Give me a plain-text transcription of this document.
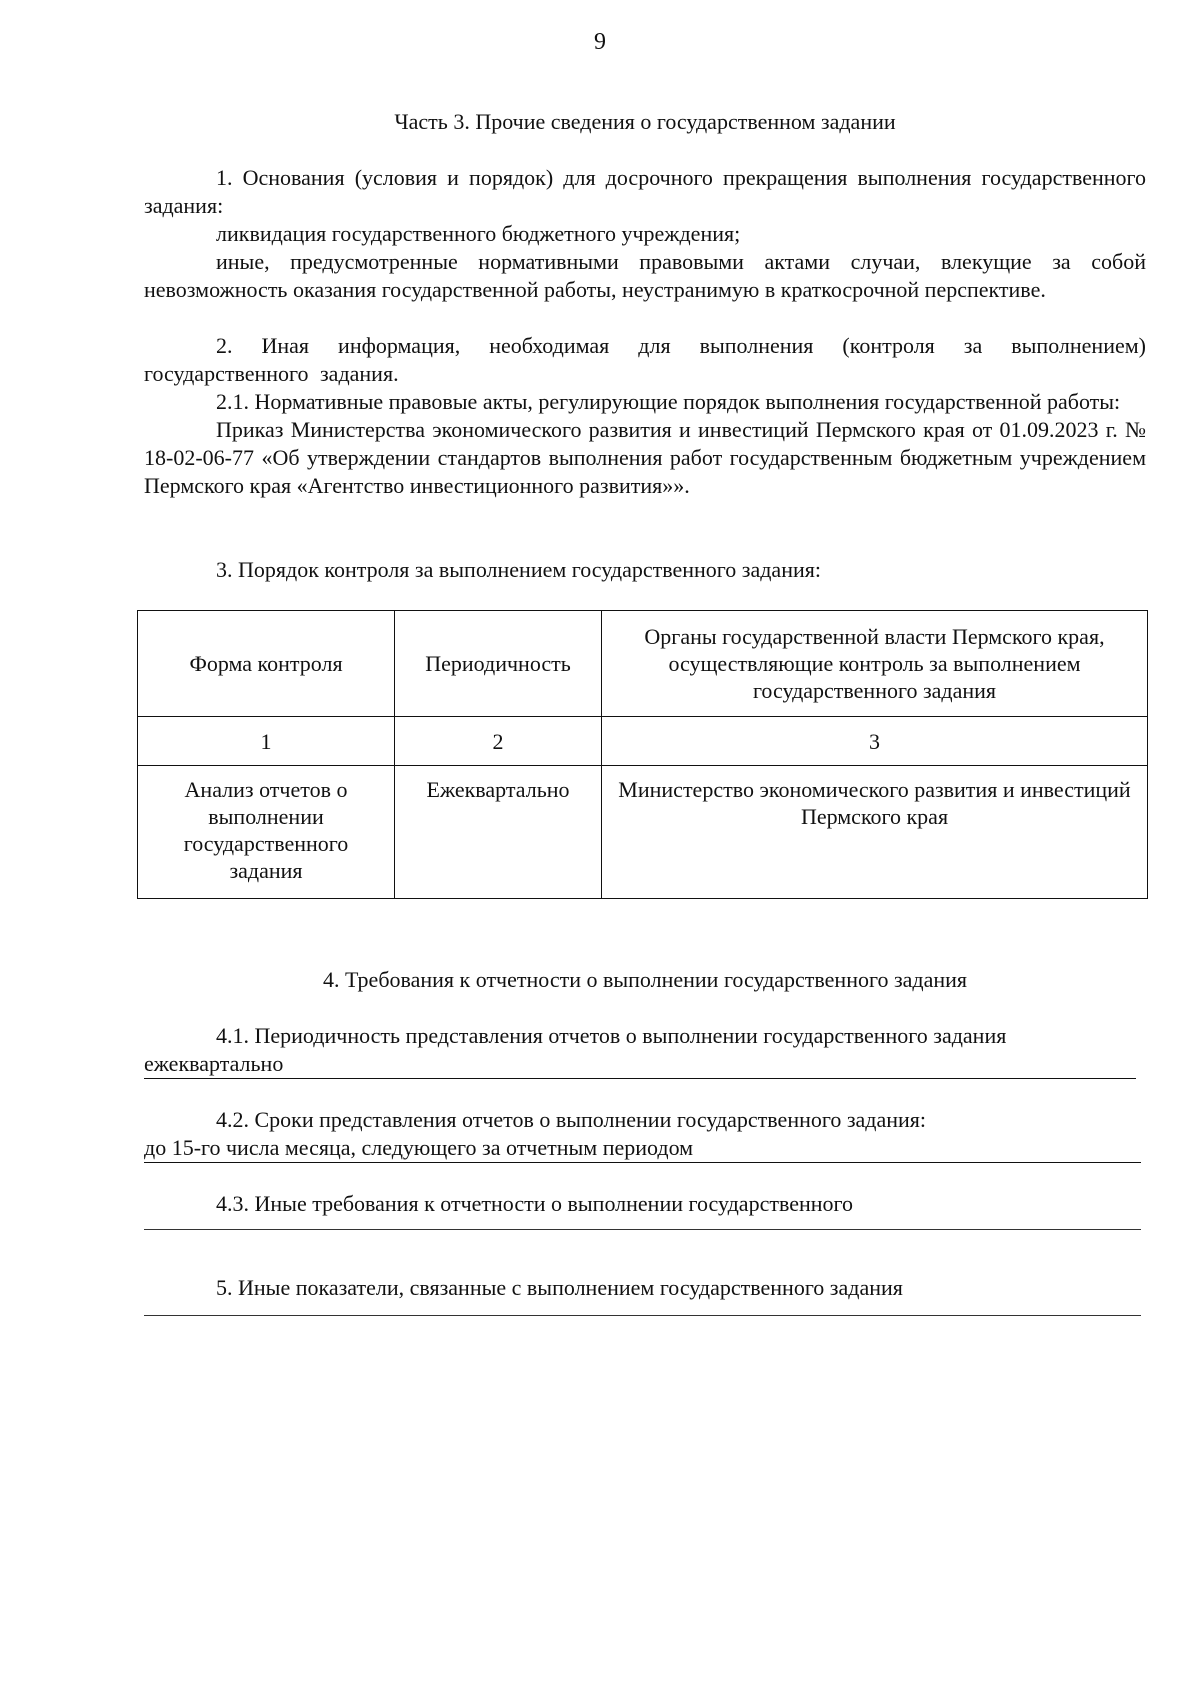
9
Часть 3. Прочие сведения о государственном задании

1. Основания (условия и порядок) для досрочного прекращения выполнения государственного задания:

ликвидация государственного бюджетного учреждения;

иные, предусмотренные нормативными правовыми актами случаи, влекущие за собой невозможность оказания государственной работы, неустранимую в краткосрочной перспективе.

2. Иная информация, необходимая для выполнения (контроля за выполнением) государственного задания.

2.1. Нормативные правовые акты, регулирующие порядок выполнения государственной работы:

Приказ Министерства экономического развития и инвестиций Пермского края от 01.09.2023 г. № 18-02-06-77 «Об утверждении стандартов выполнения работ государственным бюджетным учреждением Пермского края «Агентство инвестиционного развития»».

3. Порядок контроля за выполнением государственного задания:

Форма контроля	Периодичность	Органы государственной власти Пермского края, осуществляющие контроль за выполнением государственного задания
1	2	3
Анализ отчетов о выполнении государственного задания	Ежеквартально	Министерство экономического развития и инвестиций Пермского края

4. Требования к отчетности о выполнении государственного задания

4.1. Периодичность представления отчетов о выполнении государственного задания

ежеквартально

4.2. Сроки представления отчетов о выполнении государственного задания:

до 15-го числа месяца, следующего за отчетным периодом

4.3. Иные требования к отчетности о выполнении государственного

5. Иные показатели, связанные с выполнением государственного задания
